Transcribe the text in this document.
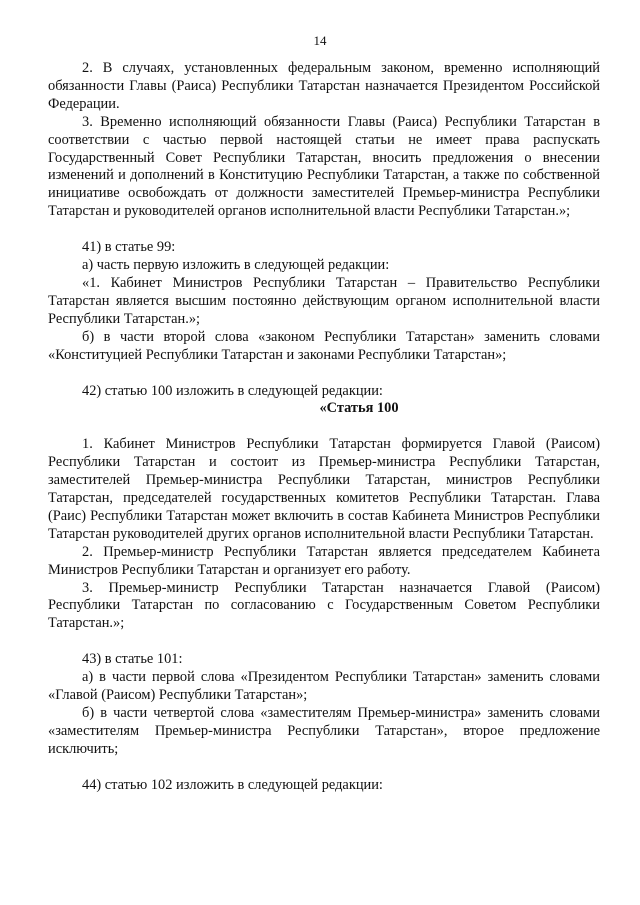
14

2. В случаях, установленных федеральным законом, временно исполняющий обязанности Главы (Раиса) Республики Татарстан назначается Президентом Российской Федерации.

3. Временно исполняющий обязанности Главы (Раиса) Республики Татарстан в соответствии с частью первой настоящей статьи не имеет права распускать Государственный Совет Республики Татарстан, вносить предложения о внесении изменений и дополнений в Конституцию Республики Татарстан, а также по собственной инициативе освобождать от должности заместителей Премьер-министра Республики Татарстан и руководителей органов исполнительной власти Республики Татарстан.»;

41) в статье 99:

а) часть первую изложить в следующей редакции:

«1. Кабинет Министров Республики Татарстан – Правительство Республики Татарстан является высшим постоянно действующим органом исполнительной власти Республики Татарстан.»;

б) в части второй слова «законом Республики Татарстан» заменить словами «Конституцией Республики Татарстан и законами Республики Татарстан»;

42) статью 100 изложить в следующей редакции:

«Статья 100

1. Кабинет Министров Республики Татарстан формируется Главой (Раисом) Республики Татарстан и состоит из Премьер-министра Республики Татарстан, заместителей Премьер-министра Республики Татарстан, министров Республики Татарстан, председателей государственных комитетов Республики Татарстан. Глава (Раис) Республики Татарстан может включить в состав Кабинета Министров Республики Татарстан руководителей других органов исполнительной власти Республики Татарстан.

2. Премьер-министр Республики Татарстан является председателем Кабинета Министров Республики Татарстан и организует его работу.

3. Премьер-министр Республики Татарстан назначается Главой (Раисом) Республики Татарстан по согласованию с Государственным Советом Республики Татарстан.»;

43) в статье 101:

а) в части первой слова «Президентом Республики Татарстан» заменить словами «Главой (Раисом) Республики Татарстан»;

б) в части четвертой слова «заместителям Премьер-министра» заменить словами «заместителям Премьер-министра Республики Татарстан», второе предложение исключить;

44) статью 102 изложить в следующей редакции:
